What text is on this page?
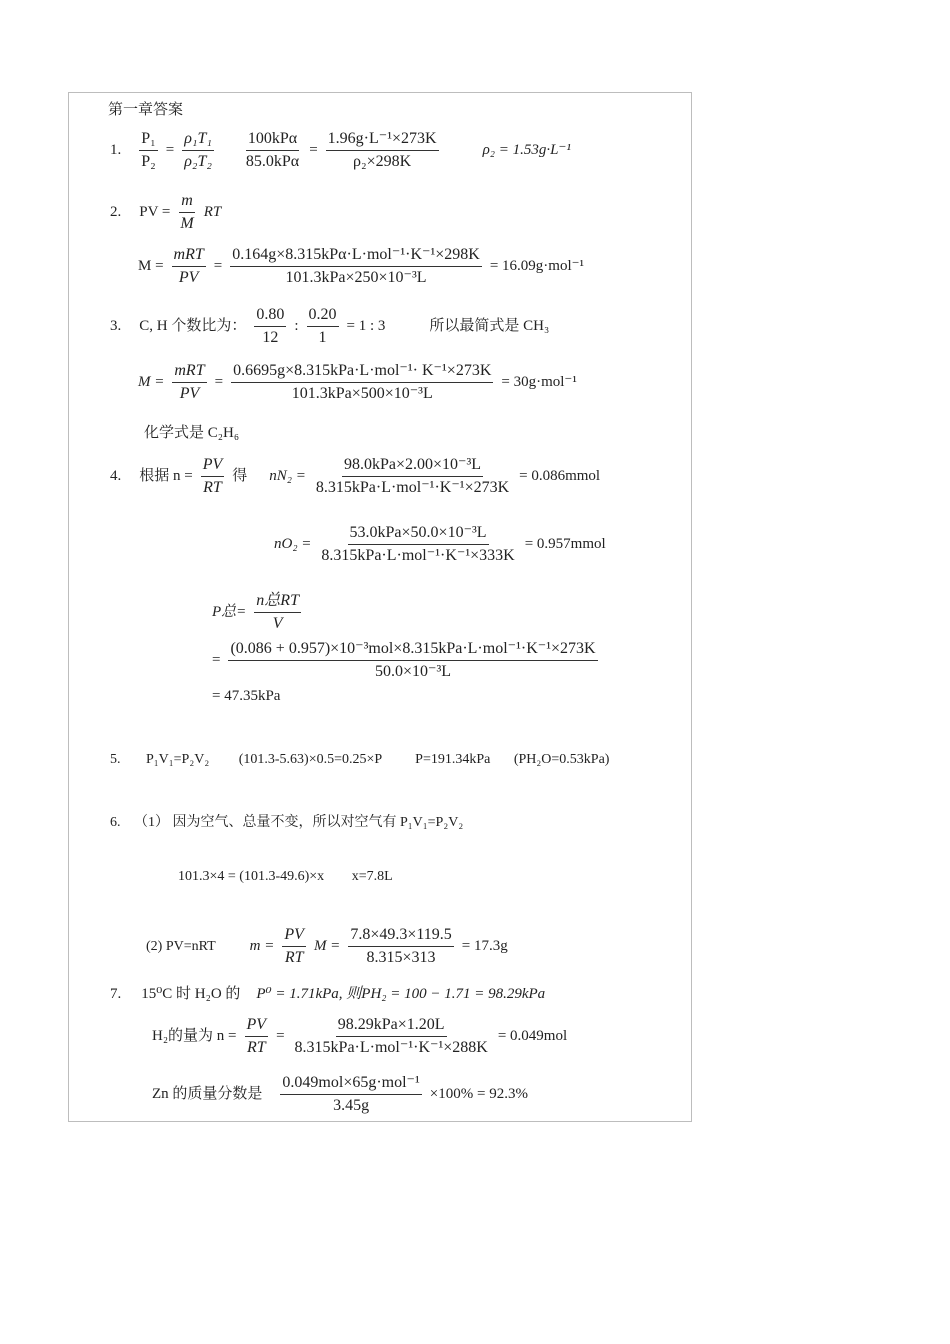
第一章答案
1. $\frac{\text{P₁}}{\text{P₂}} = \frac{\text{ρ₁T₁}}{\text{ρ₂T₂}}$
$\frac{\text{100kPα}}{\text{85.0kPα}} = \frac{\text{1.96g·L⁻¹×273K}}{\text{ρ₂×298K}}$	ρ₂ = 1.53g·L⁻¹
2. PV = $\frac{m}{M}$ RT
$M = \frac{\text{mRT}}{PV} = \frac{\text{0.164g×8.315kPα·L·mol⁻¹·K⁻¹×298K}}{\text{101.3kPa×250×10⁻³L}} = 16.09g\cdot mol^{-1}$
3. C, H 个数比为： $\frac{0.80}{12}$ : $\frac{0.20}{1} = 1$ : 3	所以最简式是 CH₃
$M = \frac{\text{mRT}}{PV} = \frac{\text{0.6695g×8.315kPa·L·mol⁻¹· K⁻¹×273K}}{\text{101.3kPa×500×10⁻³L}} = 30g\cdot mol^{-1}$
化学式是 C₂H₆
4. 根据 $n = \frac{PV}{RT}$ 得 $nN_2 = \frac{\text{98.0kPa×2.00×10⁻³L}}{\text{8.315kPa·L·mol⁻¹·K⁻¹×273K}}$ = 0.086mmol
$nO_2 = \frac{\text{53.0kPa×50.0×10⁻³L}}{\text{8.315kPa·L·mol⁻¹·K⁻¹×333K}}$ = 0.957mmol
P总= $\frac{\text{n总RT}}{V}$
= $\frac{\text{(0.086 + 0.957)×10⁻³mol×8.315kPa·L·mol⁻¹·K⁻¹×273K}}{\text{50.0×10⁻³L}}$
= 47.35kPa
5. P₁V₁=P₂V₂ (101.3-5.63)×0.5=0.25×P P=191.34kPa (PH₂O=0.53kPa)
6. （1） 因为空气、总量不变，所以对空气有 P₁V₁=P₂V₂
101.3×4 = (101.3-49.6)×x x=7.8L
(2) PV=nRT $m = \frac{PV}{RT}$ $M = \frac{7.8\times 49.3\times 119.5}{8.315\times 313} = 17.3g$
7. 15⁰C 时 H₂O 的 P⁰ = 1.71kPa, 则PH₂ = 100 − 1.71 = 98.29kPa
H₂的量为 $n = \frac{PV}{RT} = \frac{\text{98.29kPa×1.20L}}{\text{8.315kPa·L·mol⁻¹·K⁻¹×288K}} = 0.049mol$
Zn 的质量分数是 $\frac{\text{0.049mol×65g·mol⁻¹}}{3.45g} \times 100\% = 92.3\%$
